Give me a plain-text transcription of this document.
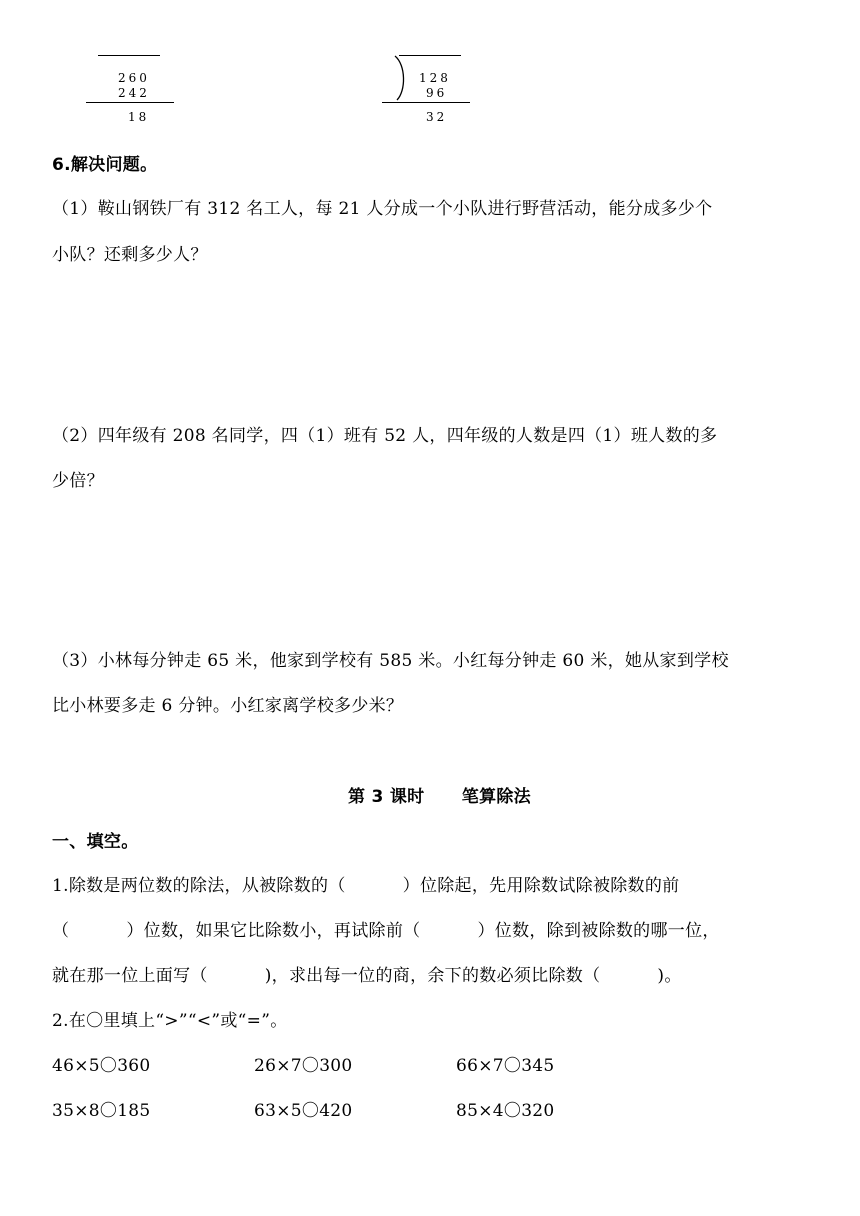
260
242
18
128
96
32
6.解决问题。
（1）鞍山钢铁厂有 312 名工人，每 21 人分成一个小队进行野营活动，能分成多少个
小队？还剩多少人？
（2）四年级有 208 名同学，四（1）班有 52 人，四年级的人数是四（1）班人数的多
少倍？
（3）小林每分钟走 65 米，他家到学校有 585 米。小红每分钟走 60 米，她从家到学校
比小林要多走 6 分钟。小红家离学校多少米？
第 3 课时      笔算除法
一、填空。
1.除数是两位数的除法，从被除数的（          ）位除起，先用除数试除被除数的前
（          ）位数，如果它比除数小，再试除前（          ）位数，除到被除数的哪一位，
就在那一位上面写（          )，求出每一位的商，余下的数必须比除数（          )。
2.在〇里填上“>”“<”或“=”。
46×5〇360	26×7〇300	66×7〇345
35×8〇185	63×5〇420	85×4〇320
